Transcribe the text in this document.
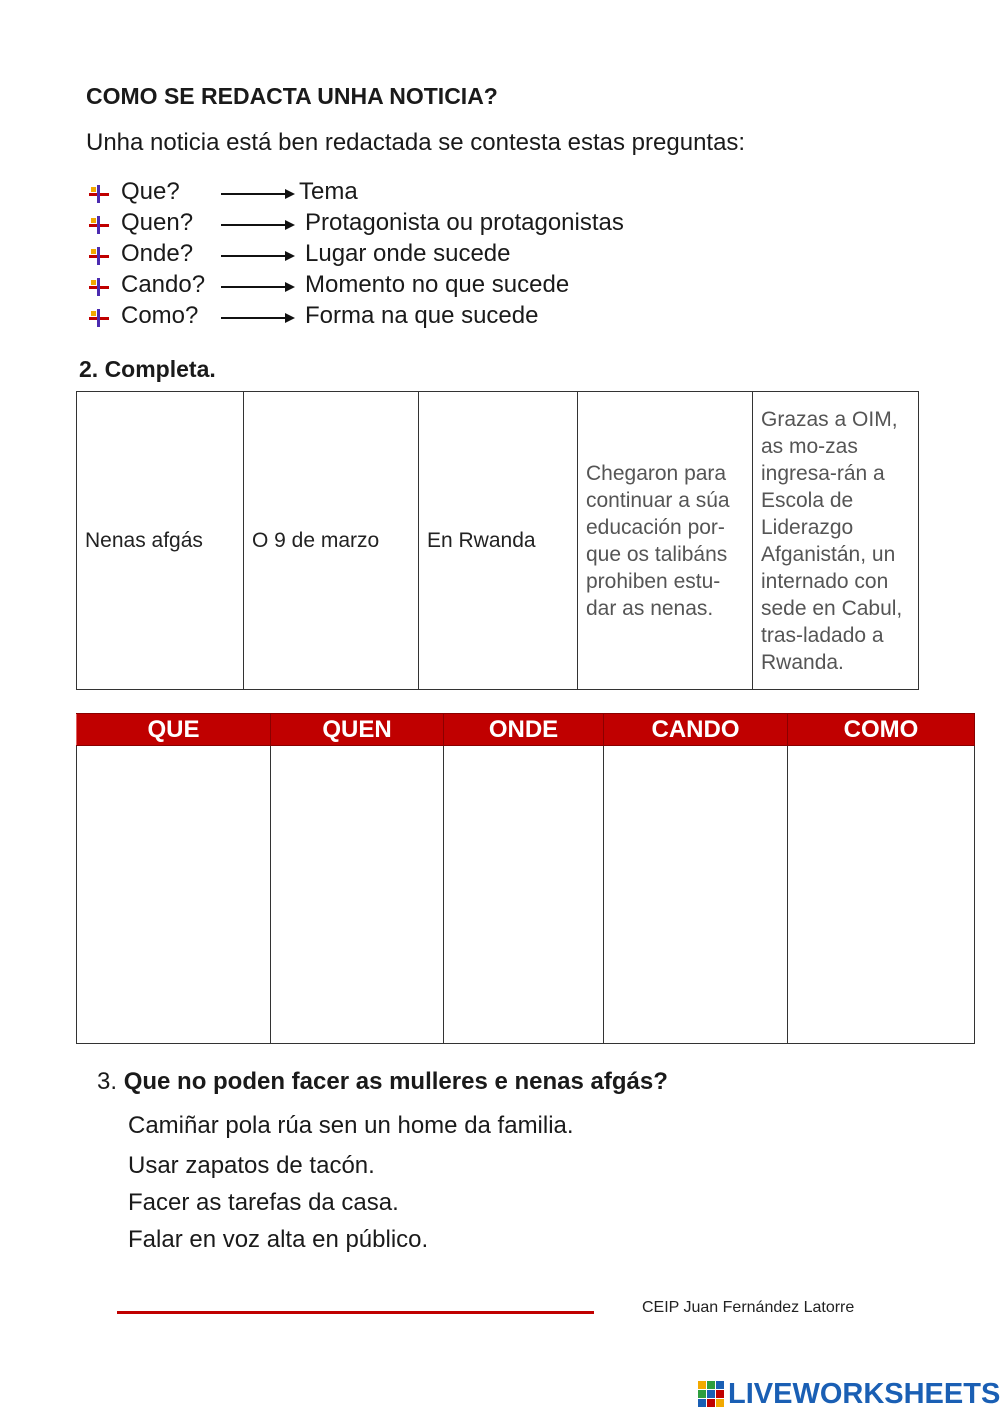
COMO SE REDACTA UNHA NOTICIA?
Unha noticia está ben redactada se contesta estas preguntas:
Que?	Tema
Quen?	Protagonista ou protagonistas
Onde?	Lugar onde sucede
Cando?	Momento no que sucede
Como?	Forma na que sucede
2. Completa.
Nenas afgás	O 9 de marzo	En Rwanda	Chegaron para continuar a súa educación por-que os talibáns prohiben estu-dar as nenas.	Grazas a OIM, as mo-zas ingresa-rán a Escola de Liderazgo Afganistán, un internado con sede en Cabul, tras-ladado a Rwanda.
QUE	QUEN	ONDE	CANDO	COMO

3. Que no poden facer as mulleres e nenas afgás?
Camiñar pola rúa sen un home da familia.
Usar zapatos de tacón.
Facer as tarefas da casa.
Falar en voz alta en público.
CEIP Juan Fernández Latorre
LIVEWORKSHEETS
